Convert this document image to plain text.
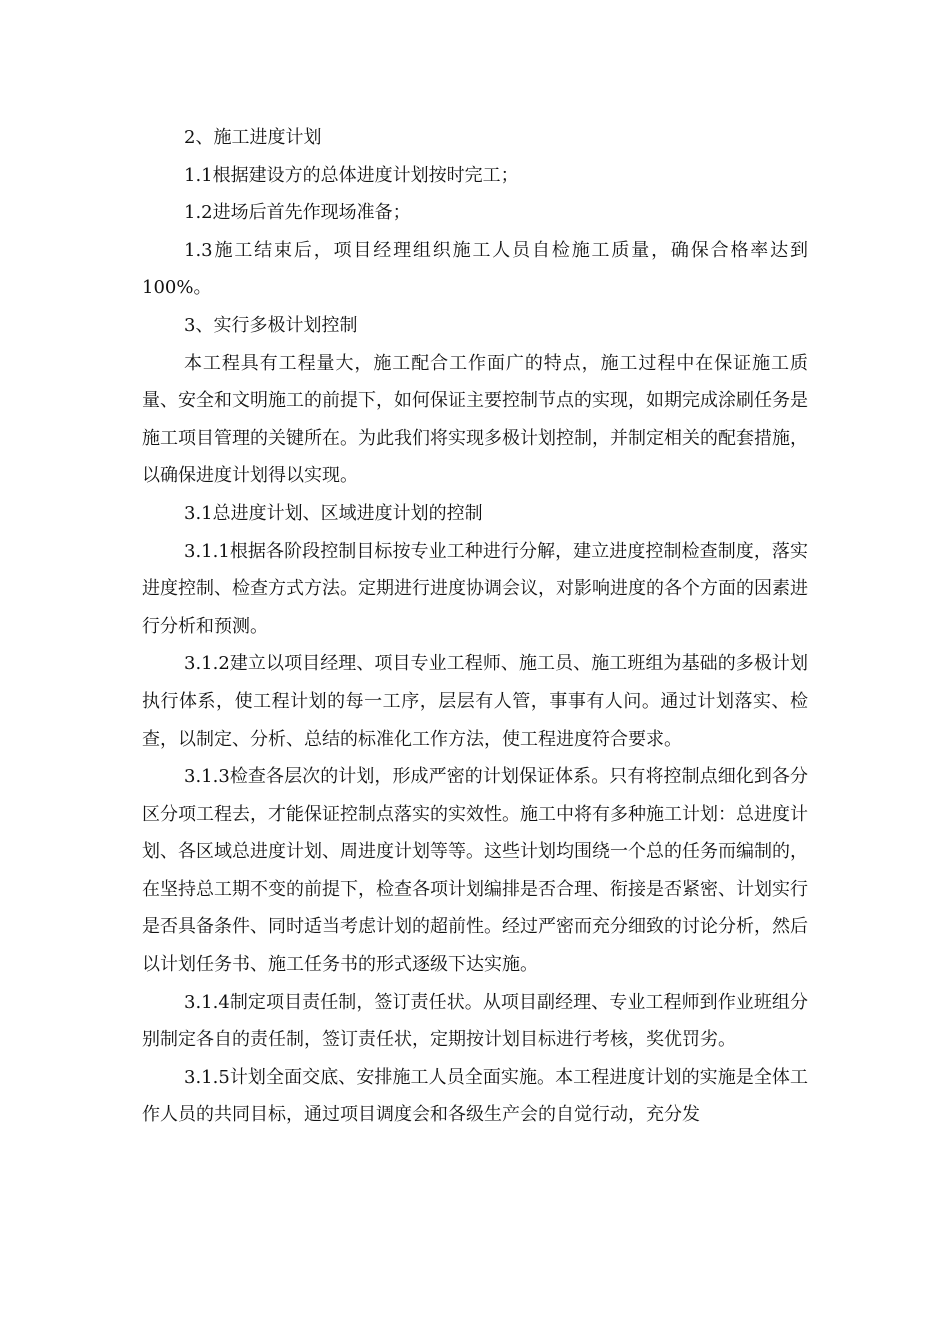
2、施工进度计划

1.1根据建设方的总体进度计划按时完工；

1.2进场后首先作现场准备；

1.3施工结束后，项目经理组织施工人员自检施工质量，确保合格率达到100%。

3、实行多极计划控制

本工程具有工程量大，施工配合工作面广的特点，施工过程中在保证施工质量、安全和文明施工的前提下，如何保证主要控制节点的实现，如期完成涂刷任务是施工项目管理的关键所在。为此我们将实现多极计划控制，并制定相关的配套措施，以确保进度计划得以实现。

3.1总进度计划、区域进度计划的控制

3.1.1根据各阶段控制目标按专业工种进行分解，建立进度控制检查制度，落实进度控制、检查方式方法。定期进行进度协调会议，对影响进度的各个方面的因素进行分析和预测。

3.1.2建立以项目经理、项目专业工程师、施工员、施工班组为基础的多极计划执行体系，使工程计划的每一工序，层层有人管，事事有人问。通过计划落实、检查，以制定、分析、总结的标准化工作方法，使工程进度符合要求。

3.1.3检查各层次的计划，形成严密的计划保证体系。只有将控制点细化到各分区分项工程去，才能保证控制点落实的实效性。施工中将有多种施工计划：总进度计划、各区域总进度计划、周进度计划等等。这些计划均围绕一个总的任务而编制的，在坚持总工期不变的前提下，检查各项计划编排是否合理、衔接是否紧密、计划实行是否具备条件、同时适当考虑计划的超前性。经过严密而充分细致的讨论分析，然后以计划任务书、施工任务书的形式逐级下达实施。

3.1.4制定项目责任制，签订责任状。从项目副经理、专业工程师到作业班组分别制定各自的责任制，签订责任状，定期按计划目标进行考核，奖优罚劣。

3.1.5计划全面交底、安排施工人员全面实施。本工程进度计划的实施是全体工作人员的共同目标，通过项目调度会和各级生产会的自觉行动，充分发
